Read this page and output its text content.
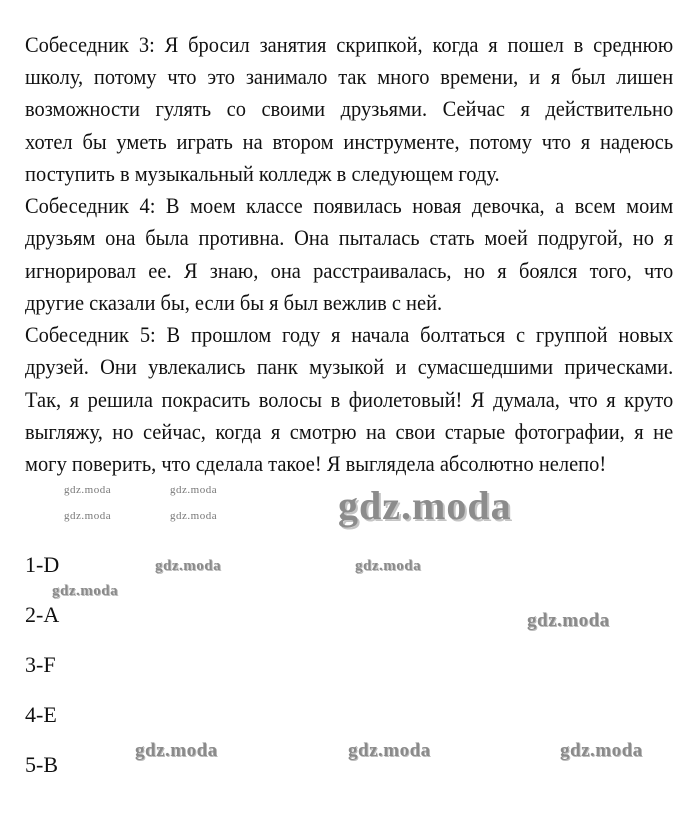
Собеседник 3: Я бросил занятия скрипкой, когда я пошел в среднюю
школу, потому что это занимало так много времени, и я был лишен
возможности гулять со своими друзьями. Сейчас я действительно
хотел бы уметь играть на втором инструменте, потому что я надеюсь
поступить в музыкальный колледж в следующем году.
Собеседник 4: В моем классе появилась новая девочка, а всем моим
друзьям она была противна. Она пыталась стать моей подругой, но я
игнорировал ее. Я знаю, она расстраивалась, но я боялся того, что
другие сказали бы, если бы я был вежлив с ней.
Собеседник 5: В прошлом году я начала болтаться с группой новых
друзей. Они увлекались панк музыкой и сумасшедшими прическами.
Так, я решила покрасить волосы в фиолетовый! Я думала, что я круто
выгляжу, но сейчас, когда я смотрю на свои старые фотографии, я не
могу поверить, что сделала такое! Я выглядела абсолютно нелепо!
1-D
2-A
3-F
4-E
5-B
gdz.moda	gdz.moda
gdz.moda	gdz.moda	gdz.moda
gdz.moda	gdz.moda
gdz.moda
gdz.moda
gdz.moda	gdz.moda	gdz.moda
